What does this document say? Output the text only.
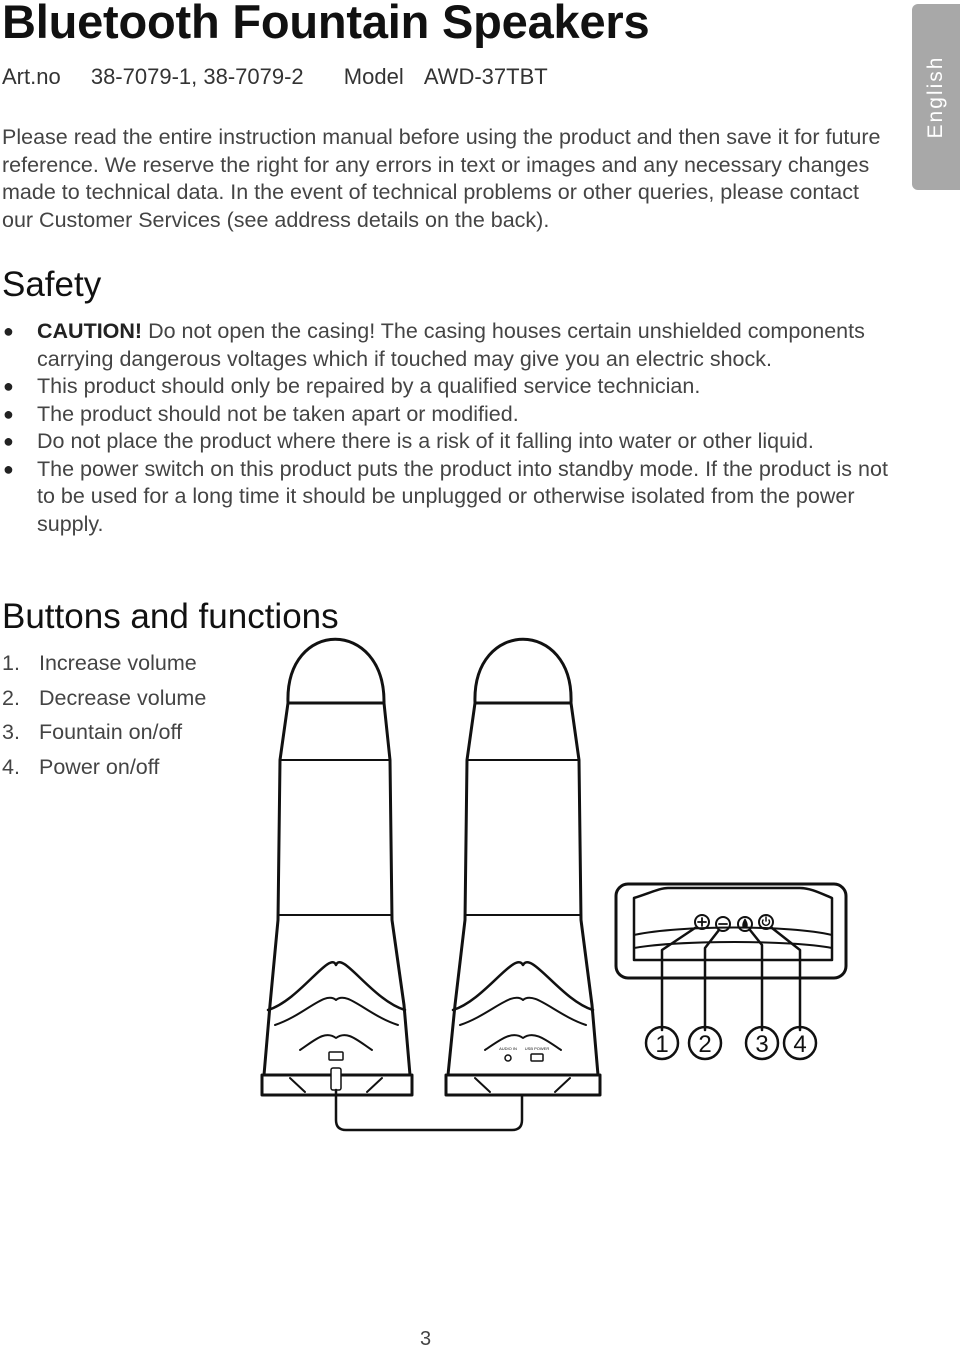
Bluetooth Fountain Speakers
Art.no 38-7079-1, 38-7079-2 Model AWD-37TBT

Please read the entire instruction manual before using the product and then save it for future reference. We reserve the right for any errors in text or images and any necessary changes made to technical data. In the event of technical problems or other queries, please contact our Customer Services (see address details on the back).

English
Safety
● CAUTION! Do not open the casing! The casing houses certain unshielded components carrying dangerous voltages which if touched may give you an electric shock.
● This product should only be repaired by a qualified service technician.
● The product should not be taken apart or modified.
● Do not place the product where there is a risk of it falling into water or other liquid.
● The power switch on this product puts the product into standby mode. If the product is not to be used for a long time it should be unplugged or otherwise isolated from the power supply.
Buttons and functions
1. Increase volume
2. Decrease volume
3. Fountain on/off
4. Power on/off
1 2 3 4
AUDIO IN USB POWER
3
